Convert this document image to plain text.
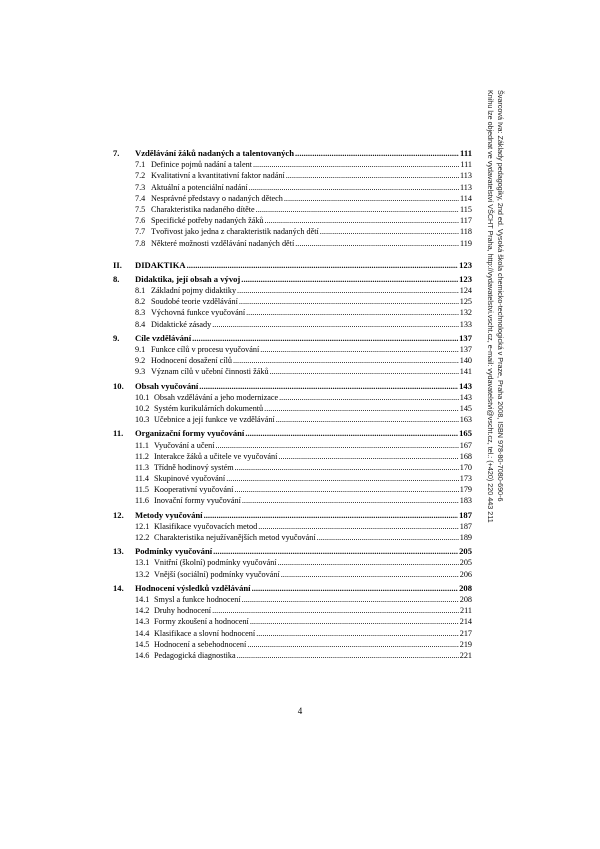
7.	Vzdělávání žáků nadaných a talentovaných .....	111
7.1 Definice pojmů nadání a talent .....	111
7.2 Kvalitativní a kvantitativní faktor nadání .....	113
7.3 Aktuální a potenciální nadání .....	113
7.4 Nesprávné představy o nadaných dětech .....	114
7.5 Charakteristika nadaného dítěte .....	115
7.6 Specifické potřeby nadaných žáků .....	117
7.7 Tvořivost jako jedna z charakteristik nadaných dětí .....	118
7.8 Některé možnosti vzdělávání nadaných dětí .....	119
II.	DIDAKTIKA .....	123
8.	Didaktika, její obsah a vývoj .....	123
8.1 Základní pojmy didaktiky .....	124
8.2 Soudobé teorie vzdělávání .....	125
8.3 Výchovná funkce vyučování .....	132
8.4 Didaktické zásady .....	133
9.	Cíle vzdělávání .....	137
9.1 Funkce cílů v procesu vyučování .....	137
9.2 Hodnocení dosažení cílů .....	140
9.3 Význam cílů v učební činnosti žáků .....	141
10.	Obsah vyučování .....	143
10.1 Obsah vzdělávání a jeho modernizace .....	143
10.2 Systém kurikulárních dokumentů .....	145
10.3 Učebnice a její funkce ve vzdělávání .....	163
11.	Organizační formy vyučování .....	165
11.1 Vyučování a učení .....	167
11.2 Interakce žáků a učitele ve vyučování .....	168
11.3 Třídně hodinový systém .....	170
11.4 Skupinové vyučování .....	173
11.5 Kooperativní vyučování .....	179
11.6 Inovační formy vyučování .....	183
12.	Metody vyučování .....	187
12.1 Klasifikace vyučovacích metod .....	187
12.2 Charakteristika nejužívanějších metod vyučování .....	189
13.	Podmínky vyučování .....	205
13.1 Vnitřní (školní) podmínky vyučování .....	205
13.2 Vnější (sociální) podmínky vyučování .....	206
14.	Hodnocení výsledků vzdělávání .....	208
14.1 Smysl a funkce hodnocení .....	208
14.2 Druhy hodnocení .....	211
14.3 Formy zkoušení a hodnocení .....	214
14.4 Klasifikace a slovní hodnocení .....	217
14.5 Hodnocení a sebehodnocení .....	219
14.6 Pedagogická diagnostika .....	221
4
Švarcová Iva: Základy pedagogiky, 2nd ed. Vysoká škola chemicko-technologická v Praze, Praha 2008, ISBN 978-80-7080-690-6
Knihu lze objednat ve vydavatelství VŠCHT Praha, http://vydavatelstvi.vscht.cz, e-mail: vydavatelstvi@vscht.cz, tel.: (+420) 220 443 211
